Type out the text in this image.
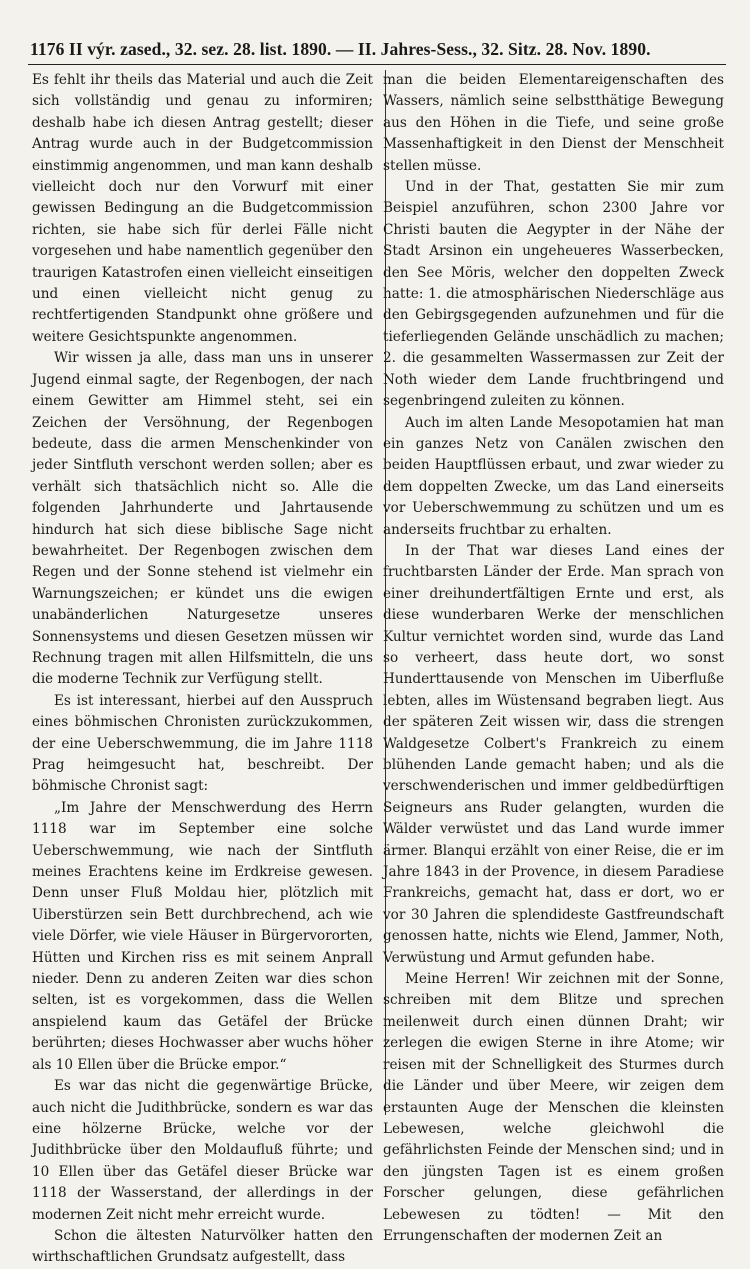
1176 II výr. zased., 32. sez. 28. list. 1890. — II. Jahres-Sess., 32. Sitz. 28. Nov. 1890.

Es fehlt ihr theils das Material und auch die Zeit sich vollständig und genau zu informiren; deshalb habe ich diesen Antrag gestellt; dieser Antrag wurde auch in der Budgetcommission einstimmig angenommen, und man kann deshalb vielleicht doch nur den Vorwurf mit einer gewissen Bedingung an die Budgetcommission richten, sie habe sich für derlei Fälle nicht vorgesehen und habe namentlich gegenüber den traurigen Katastrofen einen vielleicht einseitigen und einen vielleicht nicht genug zu rechtfertigenden Standpunkt ohne größere und weitere Gesichtspunkte angenommen.

Wir wissen ja alle, dass man uns in unserer Jugend einmal sagte, der Regenbogen, der nach einem Gewitter am Himmel steht, sei ein Zeichen der Versöhnung, der Regenbogen bedeute, dass die armen Menschenkinder von jeder Sintfluth verschont werden sollen; aber es verhält sich thatsächlich nicht so. Alle die folgenden Jahrhunderte und Jahrtausende hindurch hat sich diese biblische Sage nicht bewahrheitet. Der Regenbogen zwischen dem Regen und der Sonne stehend ist vielmehr ein Warnungszeichen; er kündet uns die ewigen unabänderlichen Naturgesetze unseres Sonnensystems und diesen Gesetzen müssen wir Rechnung tragen mit allen Hilfsmitteln, die uns die moderne Technik zur Verfügung stellt.

Es ist interessant, hierbei auf den Ausspruch eines böhmischen Chronisten zurückzukommen, der eine Ueberschwemmung, die im Jahre 1118 Prag heimgesucht hat, beschreibt. Der böhmische Chronist sagt:

„Im Jahre der Menschwerdung des Herrn 1118 war im September eine solche Ueberschwemmung, wie nach der Sintfluth meines Erachtens keine im Erdkreise gewesen. Denn unser Fluß Moldau hier, plötzlich mit Uiberstürzen sein Bett durchbrechend, ach wie viele Dörfer, wie viele Häuser in Bürgervororten, Hütten und Kirchen riss es mit seinem Anprall nieder. Denn zu anderen Zeiten war dies schon selten, ist es vorgekommen, dass die Wellen anspielend kaum das Getäfel der Brücke berührten; dieses Hochwasser aber wuchs höher als 10 Ellen über die Brücke empor.“

Es war das nicht die gegenwärtige Brücke, auch nicht die Judithbrücke, sondern es war das eine hölzerne Brücke, welche vor der Judithbrücke über den Moldaufluß führte; und 10 Ellen über das Getäfel dieser Brücke war 1118 der Wasserstand, der allerdings in der modernen Zeit nicht mehr erreicht wurde.

Schon die ältesten Naturvölker hatten den wirthschaftlichen Grundsatz aufgestellt, dass

man die beiden Elementareigenschaften des Wassers, nämlich seine selbstthätige Bewegung aus den Höhen in die Tiefe, und seine große Massenhaftigkeit in den Dienst der Menschheit stellen müsse.

Und in der That, gestatten Sie mir zum Beispiel anzuführen, schon 2300 Jahre vor Christi bauten die Aegypter in der Nähe der Stadt Arsinon ein ungeheueres Wasserbecken, den See Möris, welcher den doppelten Zweck hatte: 1. die atmosphärischen Niederschläge aus den Gebirgsgegenden aufzunehmen und für die tieferliegenden Gelände unschädlich zu machen; 2. die gesammelten Wassermassen zur Zeit der Noth wieder dem Lande fruchtbringend und segenbringend zuleiten zu können.

Auch im alten Lande Mesopotamien hat man ein ganzes Netz von Canälen zwischen den beiden Hauptflüssen erbaut, und zwar wieder zu dem doppelten Zwecke, um das Land einerseits vor Ueberschwemmung zu schützen und um es anderseits fruchtbar zu erhalten.

In der That war dieses Land eines der fruchtbarsten Länder der Erde. Man sprach von einer dreihundertfältigen Ernte und erst, als diese wunderbaren Werke der menschlichen Kultur vernichtet worden sind, wurde das Land so verheert, dass heute dort, wo sonst Hunderttausende von Menschen im Uiberfluße lebten, alles im Wüstensand begraben liegt. Aus der späteren Zeit wissen wir, dass die strengen Waldgesetze Colbert's Frankreich zu einem blühenden Lande gemacht haben; und als die verschwenderischen und immer geldbedürftigen Seigneurs ans Ruder gelangten, wurden die Wälder verwüstet und das Land wurde immer ärmer. Blanqui erzählt von einer Reise, die er im Jahre 1843 in der Provence, in diesem Paradiese Frankreichs, gemacht hat, dass er dort, wo er vor 30 Jahren die splendideste Gastfreundschaft genossen hatte, nichts wie Elend, Jammer, Noth, Verwüstung und Armut gefunden habe.

Meine Herren! Wir zeichnen mit der Sonne, schreiben mit dem Blitze und sprechen meilenweit durch einen dünnen Draht; wir zerlegen die ewigen Sterne in ihre Atome; wir reisen mit der Schnelligkeit des Sturmes durch die Länder und über Meere, wir zeigen dem erstaunten Auge der Menschen die kleinsten Lebewesen, welche gleichwohl die gefährlichsten Feinde der Menschen sind; und in den jüngsten Tagen ist es einem großen Forscher gelungen, diese gefährlichen Lebewesen zu tödten! — Mit den Errungenschaften der modernen Zeit an
